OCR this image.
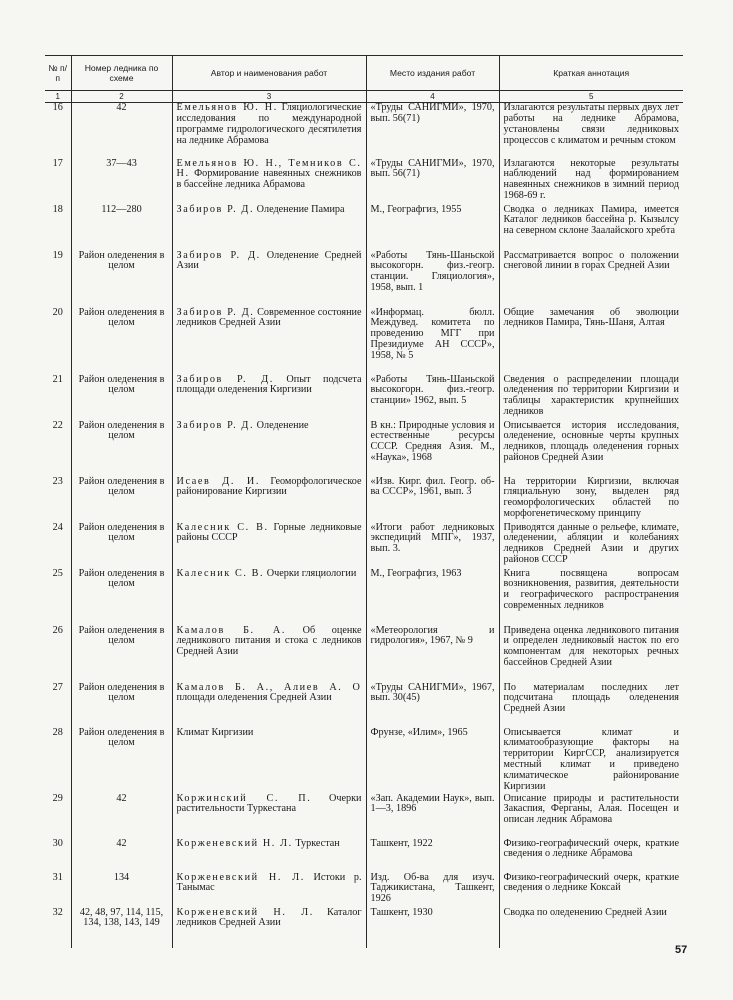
№ п/п	Номер ледника по схеме	Автор и наименования работ	Место издания работ	Краткая аннотация
1	2	3	4	5
16	42	Емельянов Ю. Н. Гляциологические исследования по международной программе гидрологического десятилетия на леднике Абрамова	«Труды САНИГМИ», 1970, вып. 56(71)	Излагаются результаты первых двух лет работы на леднике Абрамова, установлены связи ледниковых процессов с климатом и речным стоком
17	37—43	Емельянов Ю. Н., Темников С. Н. Формирование навеянных снежников в бассейне ледника Абрамова	«Труды САНИГМИ», 1970, вып. 56(71)	Излагаются некоторые результаты наблюдений над формированием навеянных снежников в зимний период 1968-69 г.
18	112—280	Забиров Р. Д. Оледенение Памира	М., Географгиз, 1955	Сводка о ледниках Памира, имеется Каталог ледников бассейна р. Кызылсу на северном склоне Заалайского хребта
19	Район оледенения в целом	Забиров Р. Д. Оледенение Средней Азии	«Работы Тянь-Шаньской высокогорн. физ.-геогр. станции. Гляциология», 1958, вып. 1	Рассматривается вопрос о положении снеговой линии в горах Средней Азии
20	Район оледенения в целом	Забиров Р. Д. Современное состояние ледников Средней Азии	«Информац. бюлл. Междувед. комитета по проведению МГГ при Президиуме АН СССР», 1958, № 5	Общие замечания об эволюции ледников Памира, Тянь-Шаня, Алтая
21	Район оледенения в целом	Забиров Р. Д. Опыт подсчета площади оледенения Киргизии	«Работы Тянь-Шаньской высокогорн. физ.-геогр. станции» 1962, вып. 5	Сведения о распределении площади оледенения по территории Киргизии и таблицы характеристик крупнейших ледников
22	Район оледенения в целом	Забиров Р. Д. Оледенение	В кн.: Природные условия и естественные ресурсы СССР. Средняя Азия. М., «Наука», 1968	Описывается история исследования, оледенение, основные черты крупных ледников, площадь оледенения горных районов Средней Азии
23	Район оледенения в целом	Исаев Д. И. Геоморфологическое районирование Киргизии	«Изв. Кирг. фил. Геогр. об-ва СССР», 1961, вып. 3	На территории Киргизии, включая гляциальную зону, выделен ряд геоморфологических областей по морфогенетическому принципу
24	Район оледенения в целом	Калесник С. В. Горные ледниковые районы СССР	«Итоги работ ледниковых экспедиций МПГ», 1937, вып. 3.	Приводятся данные о рельефе, климате, оледенении, абляции и колебаниях ледников Средней Азии и других районов СССР
25	Район оледенения в целом	Калесник С. В. Очерки гляциологии	М., Географгиз, 1963	Книга посвящена вопросам возникновения, развития, деятельности и географического распространения современных ледников
26	Район оледенения в целом	Камалов Б. А. Об оценке ледникового питания и стока с ледников Средней Азии	«Метеорология и гидрология», 1967, № 9	Приведена оценка ледникового питания и определен ледниковый насток по его компонентам для некоторых речных бассейнов Средней Азии
27	Район оледенения в целом	Камалов Б. А., Алиев А. О площади оледенения Средней Азии	«Труды САНИГМИ», 1967, вып. 30(45)	По материалам последних лет подсчитана площадь оледенения Средней Азии
28	Район оледенения в целом	Климат Киргизии	Фрунзе, «Илим», 1965	Описывается климат и климатообразующие факторы на территории КиргССР, анализируется местный климат и приведено климатическое районирование Киргизии
29	42	Коржинский С. П. Очерки растительности Туркестана	«Зап. Академии Наук», вып. 1—3, 1896	Описание природы и растительности Закаспия, Ферганы, Алая. Посещен и описан ледник Абрамова
30	42	Корженевский Н. Л. Туркестан	Ташкент, 1922	Физико-географический очерк, краткие сведения о леднике Абрамова
31	134	Корженевский Н. Л. Истоки р. Танымас	Изд. Об-ва для изуч. Таджикистана, Ташкент, 1926	Физико-географический очерк, краткие сведения о леднике Коксай
32	42, 48, 97, 114, 115, 134, 138, 143, 149	Корженевский Н. Л. Каталог ледников Средней Азии	Ташкент, 1930	Сводка по оледенению Средней Азии
57
